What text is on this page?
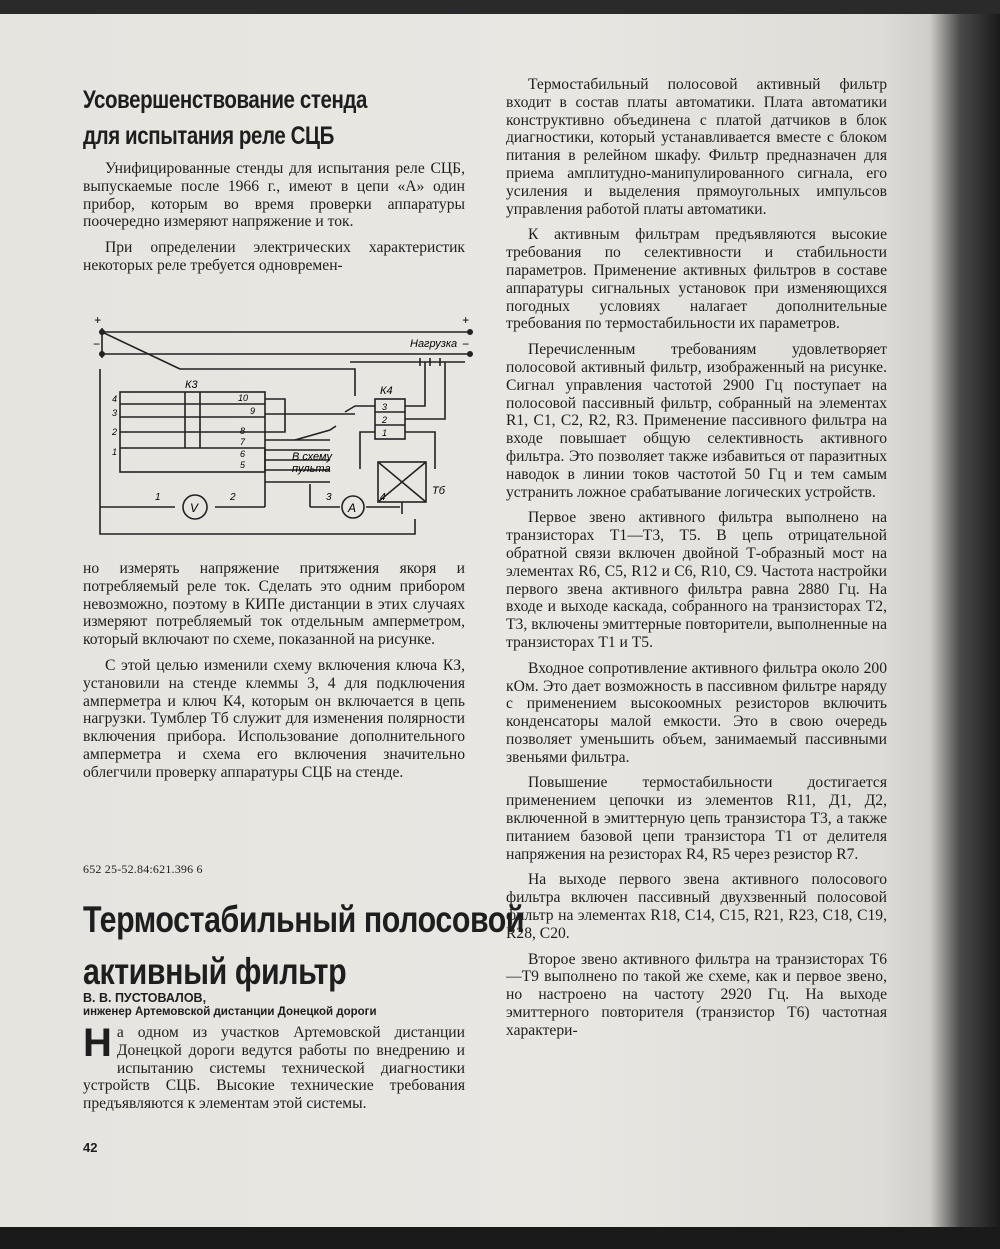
Усовершенствование стенда
для испытания реле СЦБ

Унифицированные стенды для испытания реле СЦБ, выпускаемые после 1966 г., имеют в цепи «А» один прибор, которым во время проверки аппаратуры поочередно измеряют напряжение и ток.

При определении электрических характеристик некоторых реле требуется одновремен-

+
−
+
−
Нагрузка
К3	К4
4
3
2
1
10
9
8
7
6
5
3
2
1
В схему
пульта
Тб
V	A
1	2	3	4

но измерять напряжение притяжения якоря и потребляемый реле ток. Сделать это одним прибором невозможно, поэтому в КИПе дистанции в этих случаях измеряют потребляемый ток отдельным амперметром, который включают по схеме, показанной на рисунке.

С этой целью изменили схему включения ключа КЗ, установили на стенде клеммы 3, 4 для подключения амперметра и ключ К4, которым он включается в цепь нагрузки. Тумблер Тб служит для изменения полярности включения прибора. Использование дополнительного амперметра и схема его включения значительно облегчили проверку аппаратуры СЦБ на стенде.

652 25-52.84:621.396 6
Термостабильный полосовой
активный фильтр
В. В. ПУСТОВАЛОВ,
инженер Артемовской дистанции Донецкой дороги
Н а одном из участков Артемовской дистанции Донецкой дороги ведутся работы по внедрению и испытанию системы технической диагностики устройств СЦБ. Высокие технические требования предъявляются к элементам этой системы.

42

Термостабильный полосовой активный фильтр входит в состав платы автоматики. Плата автоматики конструктивно объединена с платой датчиков в блок диагностики, который устанавливается вместе с блоком питания в релейном шкафу. Фильтр предназначен для приема амплитудно-манипулированного сигнала, его усиления и выделения прямоугольных импульсов управления работой платы автоматики.

К активным фильтрам предъявляются высокие требования по селективности и стабильности параметров. Применение активных фильтров в составе аппаратуры сигнальных установок при изменяющихся погодных условиях налагает дополнительные требования по термостабильности их параметров.

Перечисленным требованиям удовлетворяет полосовой активный фильтр, изображенный на рисунке. Сигнал управления частотой 2900 Гц поступает на полосовой пассивный фильтр, собранный на элементах R1, С1, С2, R2, R3. Применение пассивного фильтра на входе повышает общую селективность активного фильтра. Это позволяет также избавиться от паразитных наводок в линии токов частотой 50 Гц и тем самым устранить ложное срабатывание логических устройств.

Первое звено активного фильтра выполнено на транзисторах Т1—Т3, Т5. В цепь отрицательной обратной связи включен двойной Т-образный мост на элементах R6, С5, R12 и С6, R10, С9. Частота настройки первого звена активного фильтра равна 2880 Гц. На входе и выходе каскада, собранного на транзисторах Т2, Т3, включены эмиттерные повторители, выполненные на транзисторах Т1 и Т5.

Входное сопротивление активного фильтра около 200 кОм. Это дает возможность в пассивном фильтре наряду с применением высокоомных резисторов включить конденсаторы малой емкости. Это в свою очередь позволяет уменьшить объем, занимаемый пассивными звеньями фильтра.

Повышение термостабильности достигается применением цепочки из элементов R11, Д1, Д2, включенной в эмиттерную цепь транзистора Т3, а также питанием базовой цепи транзистора Т1 от делителя напряжения на резисторах R4, R5 через резистор R7.

На выходе первого звена активного полосового фильтра включен пассивный двухзвенный полосовой фильтр на элементах R18, С14, С15, R21, R23, С18, С19, R28, С20.

Второе звено активного фильтра на транзисторах Т6—Т9 выполнено по такой же схеме, как и первое звено, но настроено на частоту 2920 Гц. На выходе эмиттерного повторителя (транзистор Т6) частотная характери-
